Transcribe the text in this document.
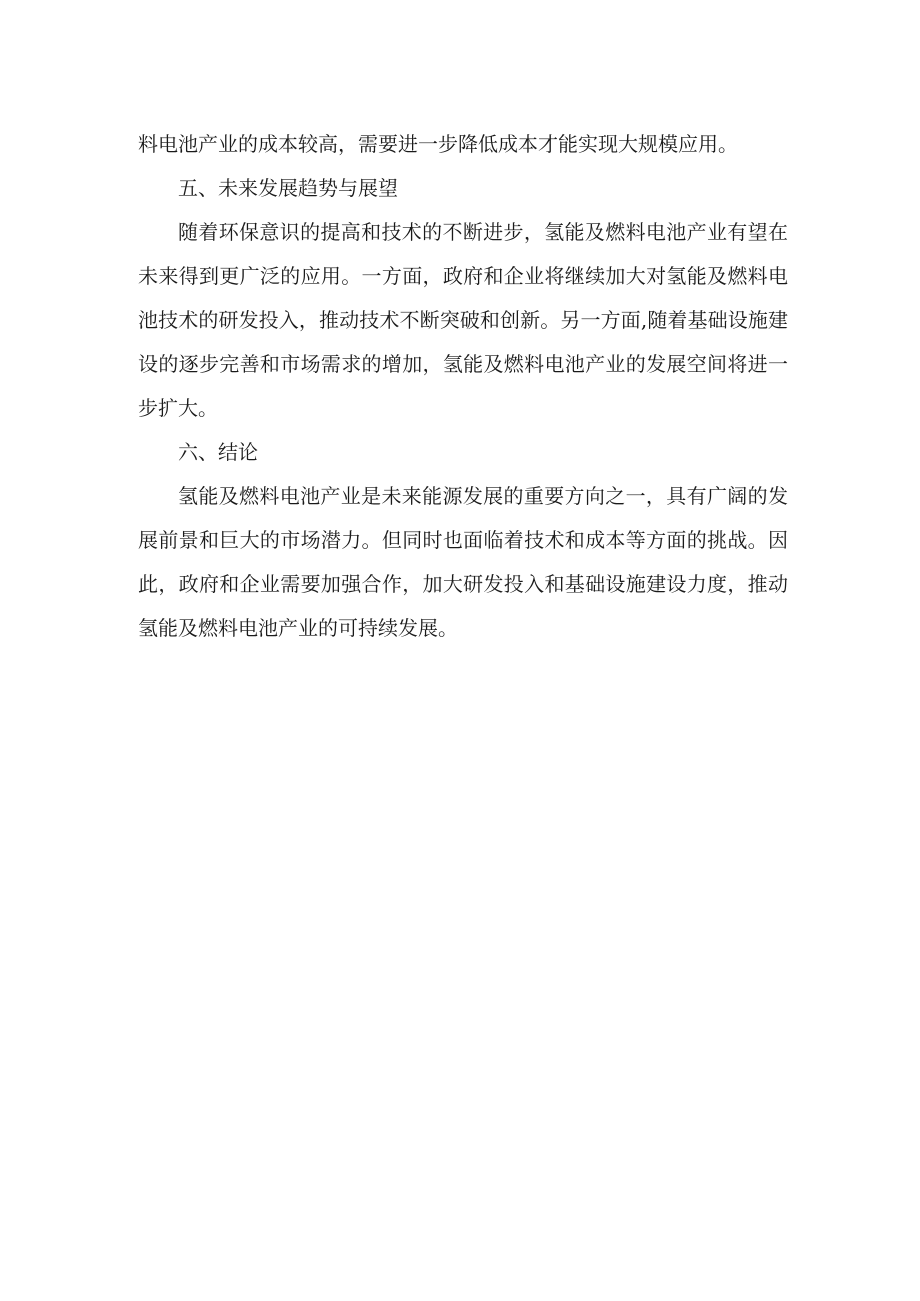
料电池产业的成本较高，需要进一步降低成本才能实现大规模应用。

五、未来发展趋势与展望

随着环保意识的提高和技术的不断进步，氢能及燃料电池产业有望在未来得到更广泛的应用。一方面，政府和企业将继续加大对氢能及燃料电池技术的研发投入，推动技术不断突破和创新。另一方面,随着基础设施建设的逐步完善和市场需求的增加，氢能及燃料电池产业的发展空间将进一步扩大。

六、结论

氢能及燃料电池产业是未来能源发展的重要方向之一，具有广阔的发展前景和巨大的市场潜力。但同时也面临着技术和成本等方面的挑战。因此，政府和企业需要加强合作，加大研发投入和基础设施建设力度，推动氢能及燃料电池产业的可持续发展。
